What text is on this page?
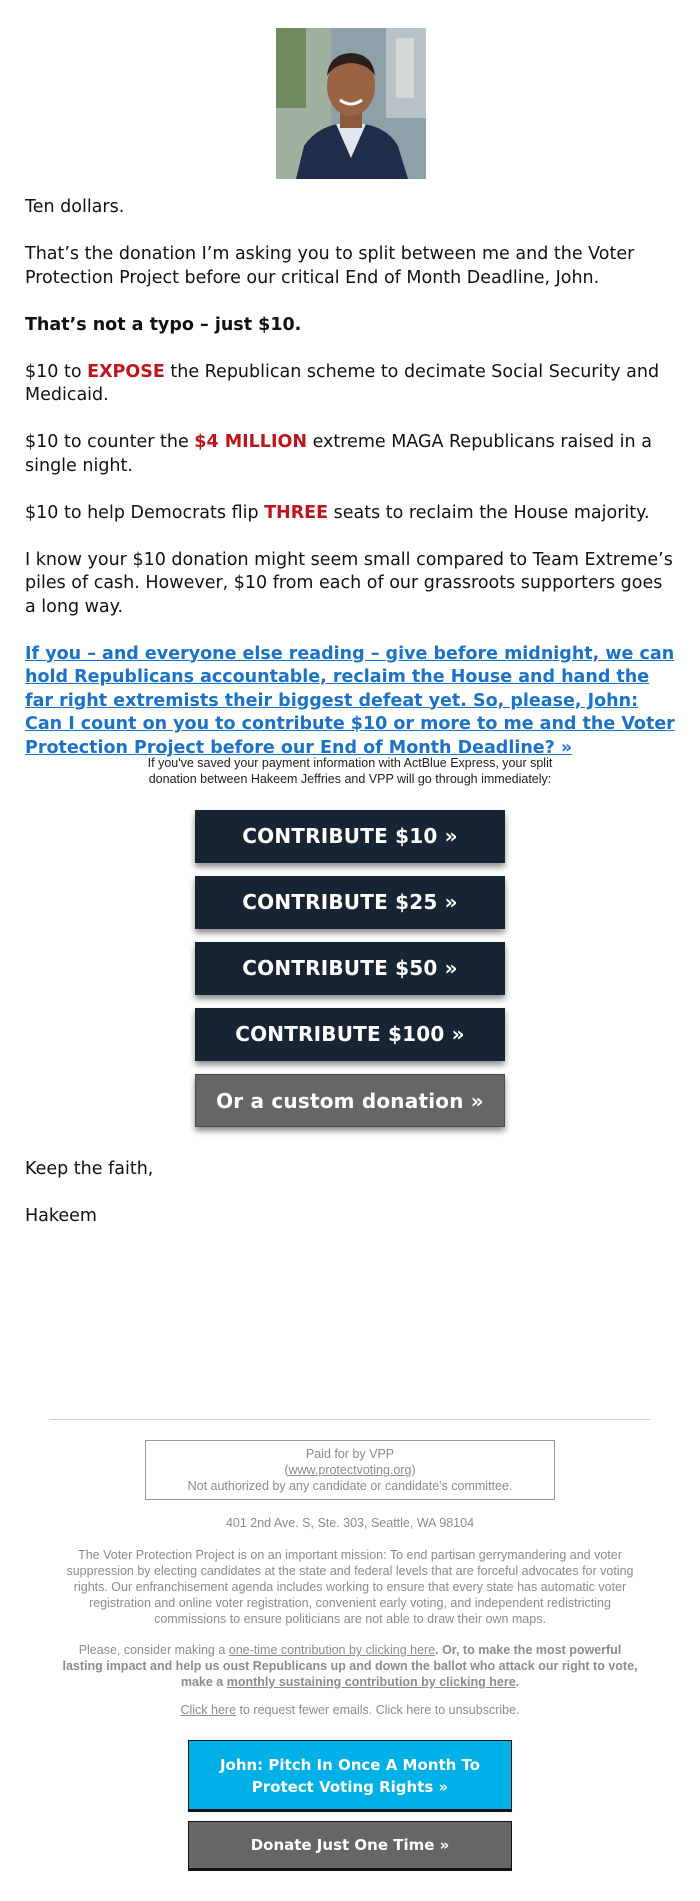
Ten dollars.

That’s the donation I’m asking you to split between me and the Voter Protection Project before our critical End of Month Deadline, John.

That’s not a typo – just $10.

$10 to EXPOSE the Republican scheme to decimate Social Security and Medicaid.

$10 to counter the $4 MILLION extreme MAGA Republicans raised in a single night.

$10 to help Democrats flip THREE seats to reclaim the House majority.

I know your $10 donation might seem small compared to Team Extreme’s piles of cash. However, $10 from each of our grassroots supporters goes a long way.

If you – and everyone else reading – give before midnight, we can hold Republicans accountable, reclaim the House and hand the far right extremists their biggest defeat yet. So, please, John: Can I count on you to contribute $10 or more to me and the Voter Protection Project before our End of Month Deadline? »

If you've saved your payment information with ActBlue Express, your split donation between Hakeem Jeffries and VPP will go through immediately:
CONTRIBUTE $10 »
CONTRIBUTE $25 »
CONTRIBUTE $50 »
CONTRIBUTE $100 »
Or a custom donation »

Keep the faith,

Hakeem

Paid for by VPP
(www.protectvoting.org)
Not authorized by any candidate or candidate's committee.
401 2nd Ave. S, Ste. 303, Seattle, WA 98104
The Voter Protection Project is on an important mission: To end partisan gerrymandering and voter suppression by electing candidates at the state and federal levels that are forceful advocates for voting rights. Our enfranchisement agenda includes working to ensure that every state has automatic voter registration and online voter registration, convenient early voting, and independent redistricting commissions to ensure politicians are not able to draw their own maps.
Please, consider making a one-time contribution by clicking here. Or, to make the most powerful lasting impact and help us oust Republicans up and down the ballot who attack our right to vote, make a monthly sustaining contribution by clicking here.
Click here to request fewer emails. Click here to unsubscribe.
John: Pitch In Once A Month To Protect Voting Rights »
Donate Just One Time »
